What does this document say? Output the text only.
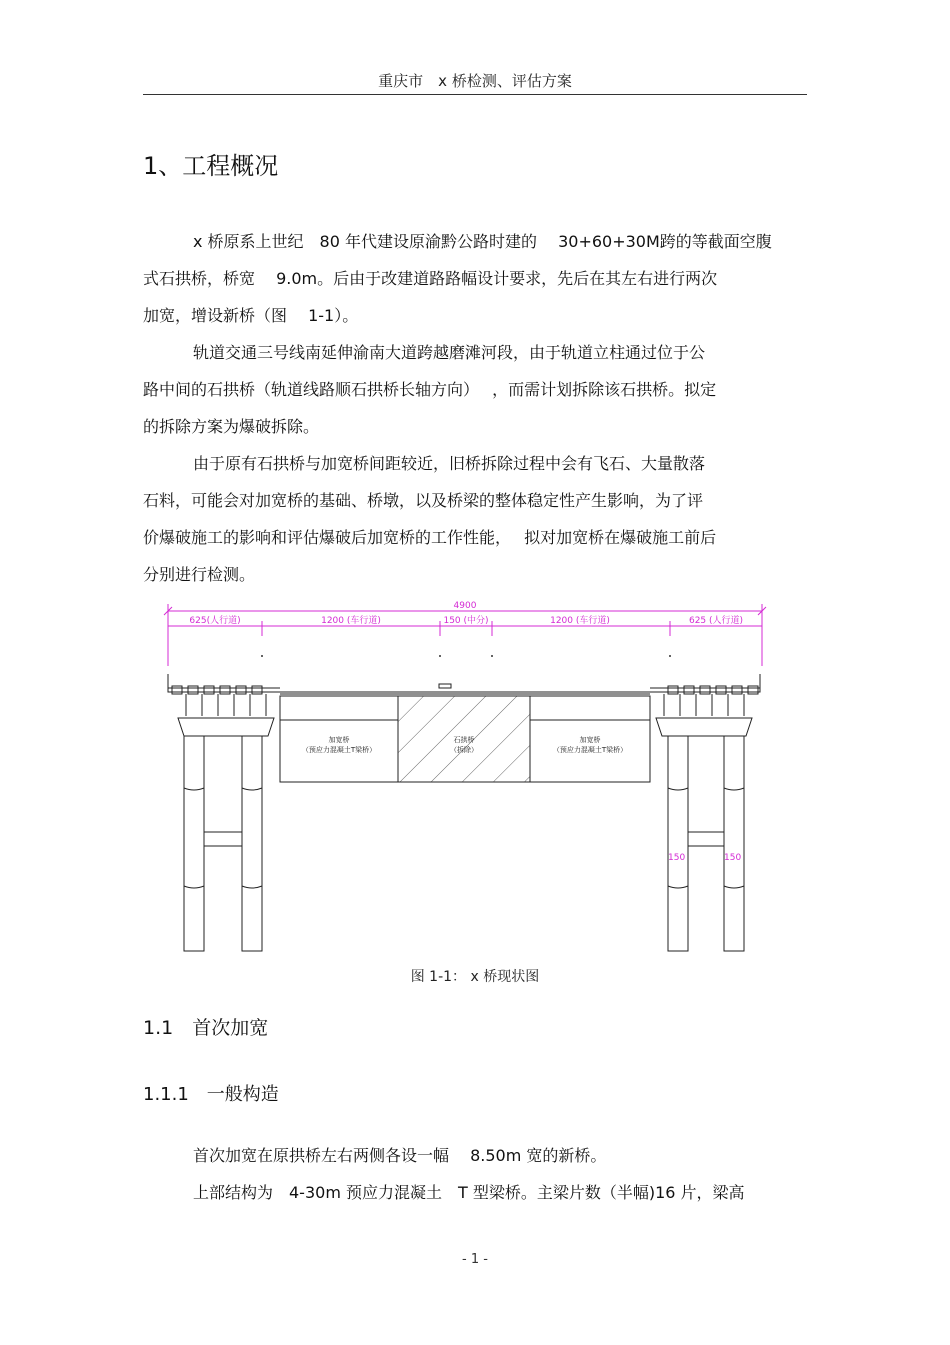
重庆市　x 桥检测、评估方案
1、工程概况
x 桥原系上世纪　80 年代建设原渝黔公路时建的　 30+60+30M跨的等截面空腹
式石拱桥，桥宽　 9.0m。后由于改建道路路幅设计要求，先后在其左右进行两次
加宽，增设新桥（图　 1-1）。
轨道交通三号线南延伸渝南大道跨越磨滩河段，由于轨道立柱通过位于公
路中间的石拱桥（轨道线路顺石拱桥长轴方向）　 ，而需计划拆除该石拱桥。拟定
的拆除方案为爆破拆除。
由于原有石拱桥与加宽桥间距较近，旧桥拆除过程中会有飞石、大量散落
石料，可能会对加宽桥的基础、桥墩，以及桥梁的整体稳定性产生影响，为了评
价爆破施工的影响和评估爆破后加宽桥的工作性能，　 拟对加宽桥在爆破施工前后
分别进行检测。
4900
625(人行道)	1200 (车行道)	150 (中分)	1200 (车行道)	625 (人行道)
加宽桥
（预应力混凝土T梁桥）
石拱桥
（拆除）
加宽桥
（预应力混凝土T梁桥）
150	150
图 1-1： x 桥现状图
1.1　首次加宽
1.1.1　一般构造
首次加宽在原拱桥左右两侧各设一幅　 8.50m 宽的新桥。
上部结构为　4-30m 预应力混凝土　T 型梁桥。主梁片数（半幅)16 片，梁高
- 1 -
